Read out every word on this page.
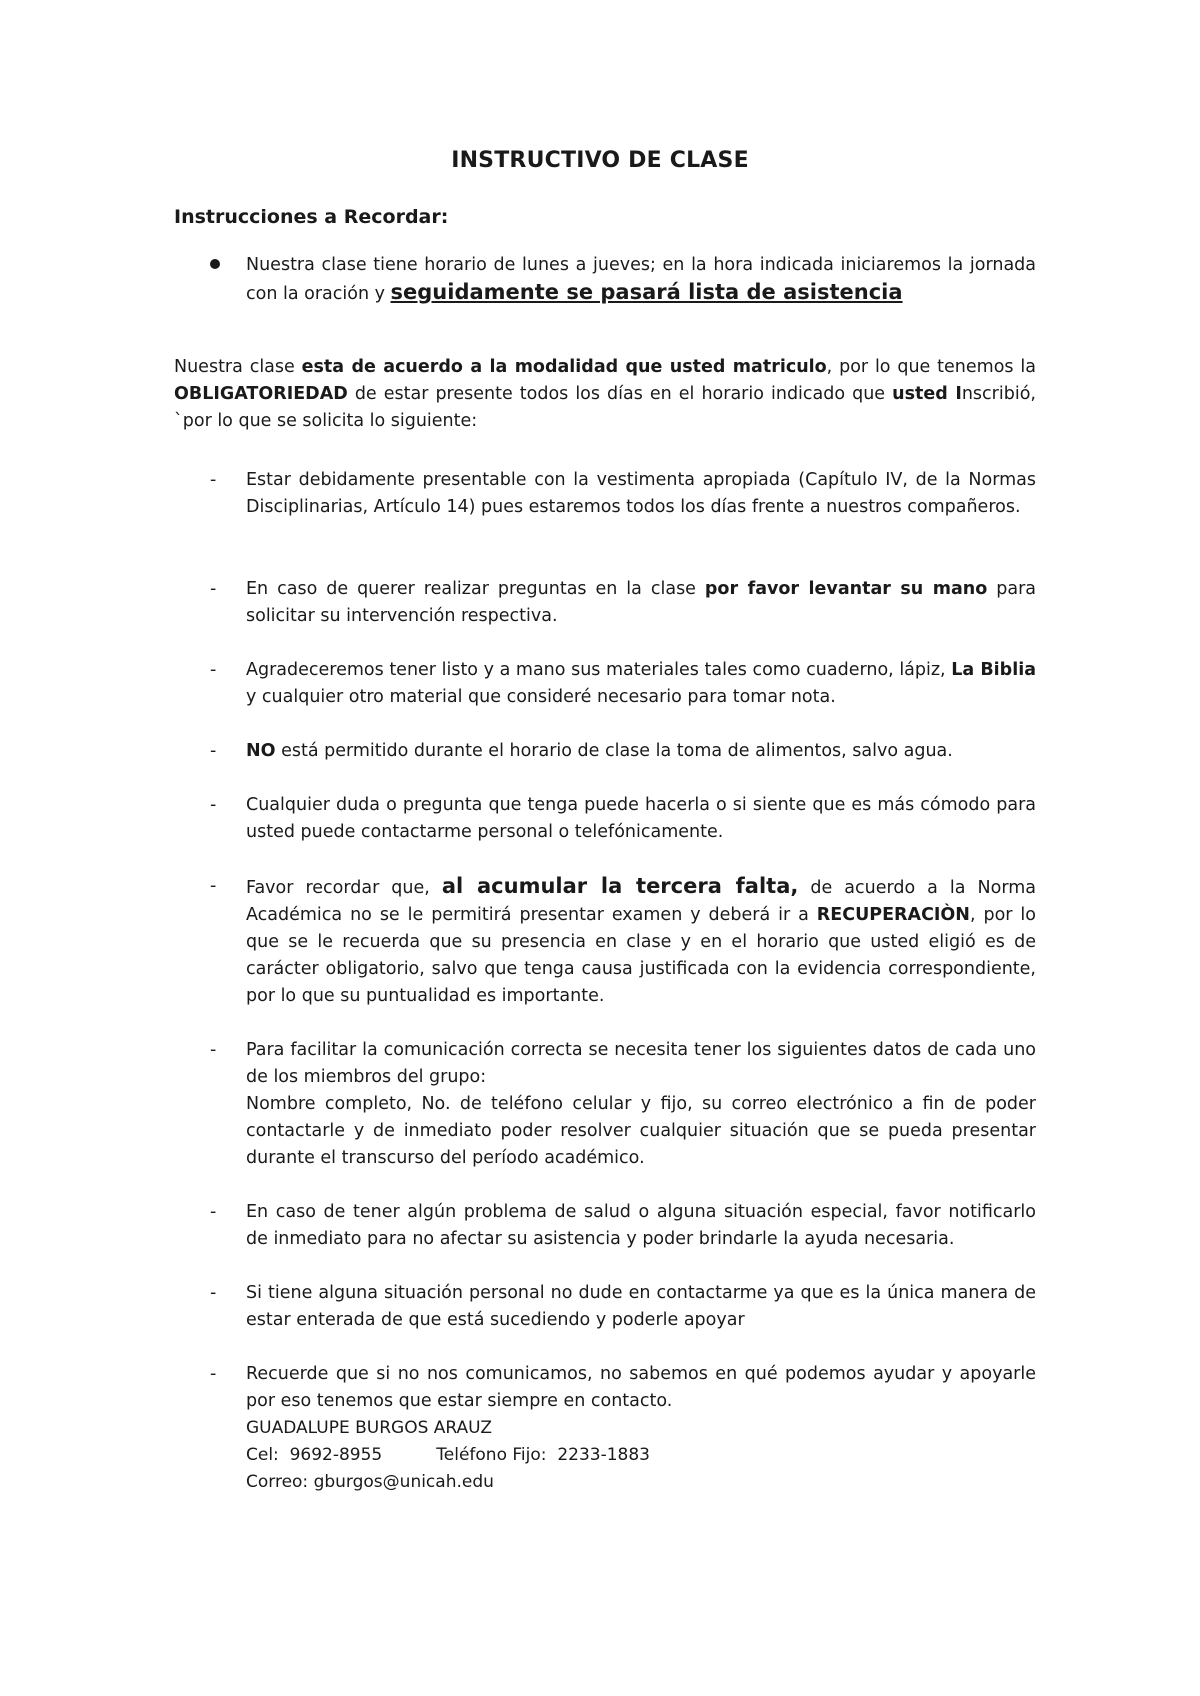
INSTRUCTIVO DE CLASE
Instrucciones a Recordar:
Nuestra clase tiene horario de lunes a jueves; en la hora indicada iniciaremos la jornada con la oración y seguidamente se pasará lista de asistencia
Nuestra clase esta de acuerdo a la modalidad que usted matriculo, por lo que tenemos la OBLIGATORIEDAD de estar presente todos los días en el horario indicado que usted Inscribió, `por lo que se solicita lo siguiente:
- Estar debidamente presentable con la vestimenta apropiada (Capítulo IV, de la Normas Disciplinarias, Artículo 14) pues estaremos todos los días frente a nuestros compañeros.
- En caso de querer realizar preguntas en la clase por favor levantar su mano para solicitar su intervención respectiva.
- Agradeceremos tener listo y a mano sus materiales tales como cuaderno, lápiz, La Biblia y cualquier otro material que consideré necesario para tomar nota.
- NO está permitido durante el horario de clase la toma de alimentos, salvo agua.
- Cualquier duda o pregunta que tenga puede hacerla o si siente que es más cómodo para usted puede contactarme personal o telefónicamente.
- Favor recordar que, al acumular la tercera falta, de acuerdo a la Norma Académica no se le permitirá presentar examen y deberá ir a RECUPERACIÒN, por lo que se le recuerda que su presencia en clase y en el horario que usted eligió es de carácter obligatorio, salvo que tenga causa justificada con la evidencia correspondiente, por lo que su puntualidad es importante.
- Para facilitar la comunicación correcta se necesita tener los siguientes datos de cada uno de los miembros del grupo:
Nombre completo, No. de teléfono celular y fijo, su correo electrónico a fin de poder contactarle y de inmediato poder resolver cualquier situación que se pueda presentar durante el transcurso del período académico.
- En caso de tener algún problema de salud o alguna situación especial, favor notificarlo de inmediato para no afectar su asistencia y poder brindarle la ayuda necesaria.
- Si tiene alguna situación personal no dude en contactarme ya que es la única manera de estar enterada de que está sucediendo y poderle apoyar
- Recuerde que si no nos comunicamos, no sabemos en qué podemos ayudar y apoyarle por eso tenemos que estar siempre en contacto.
GUADALUPE BURGOS ARAUZ
Cel:  9692-8955          Teléfono Fijo:  2233-1883
Correo: gburgos@unicah.edu
